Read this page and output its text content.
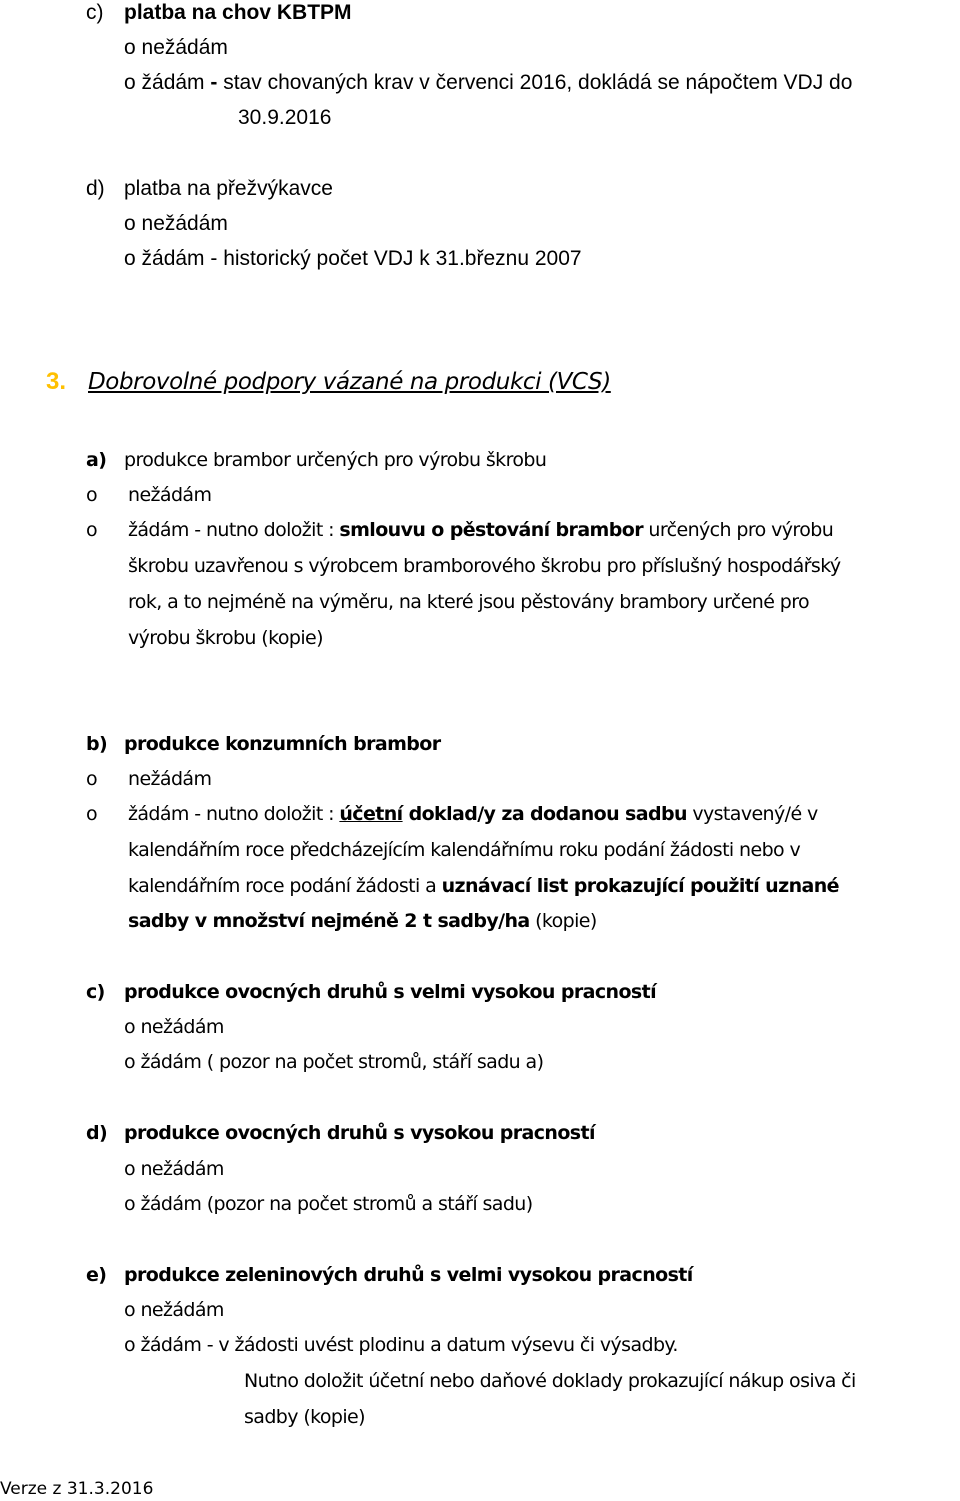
c) platba na chov KBTPM
o nežádám
o žádám - stav chovaných krav v červenci 2016, dokládá se nápočtem VDJ do
30.9.2016
d) platba na přežvýkavce
o nežádám
o žádám - historický počet VDJ k 31.březnu 2007
3. Dobrovolné podpory vázané na produkci (VCS)
a) produkce brambor určených pro výrobu škrobu
o nežádám
o žádám - nutno doložit : smlouvu o pěstování brambor určených pro výrobu
škrobu uzavřenou s výrobcem bramborového škrobu pro příslušný hospodářský
rok, a to nejméně na výměru, na které jsou pěstovány brambory určené pro
výrobu škrobu (kopie)
b) produkce konzumních brambor
o nežádám
o žádám - nutno doložit : účetní doklad/y za dodanou sadbu vystavený/é v
kalendářním roce předcházejícím kalendářnímu roku podání žádosti nebo v
kalendářním roce podání žádosti a uznávací list prokazující použití uznané
sadby v množství nejméně 2 t sadby/ha (kopie)
c) produkce ovocných druhů s velmi vysokou pracností
o nežádám
o žádám ( pozor na počet stromů, stáří sadu a)
d) produkce ovocných druhů s vysokou pracností
o nežádám
o žádám (pozor na počet stromů a stáří sadu)
e) produkce zeleninových druhů s velmi vysokou pracností
o nežádám
o žádám - v žádosti uvést plodinu a datum výsevu či výsadby.
Nutno doložit účetní nebo daňové doklady prokazující nákup osiva či
sadby (kopie)
Verze z 31.3.2016
